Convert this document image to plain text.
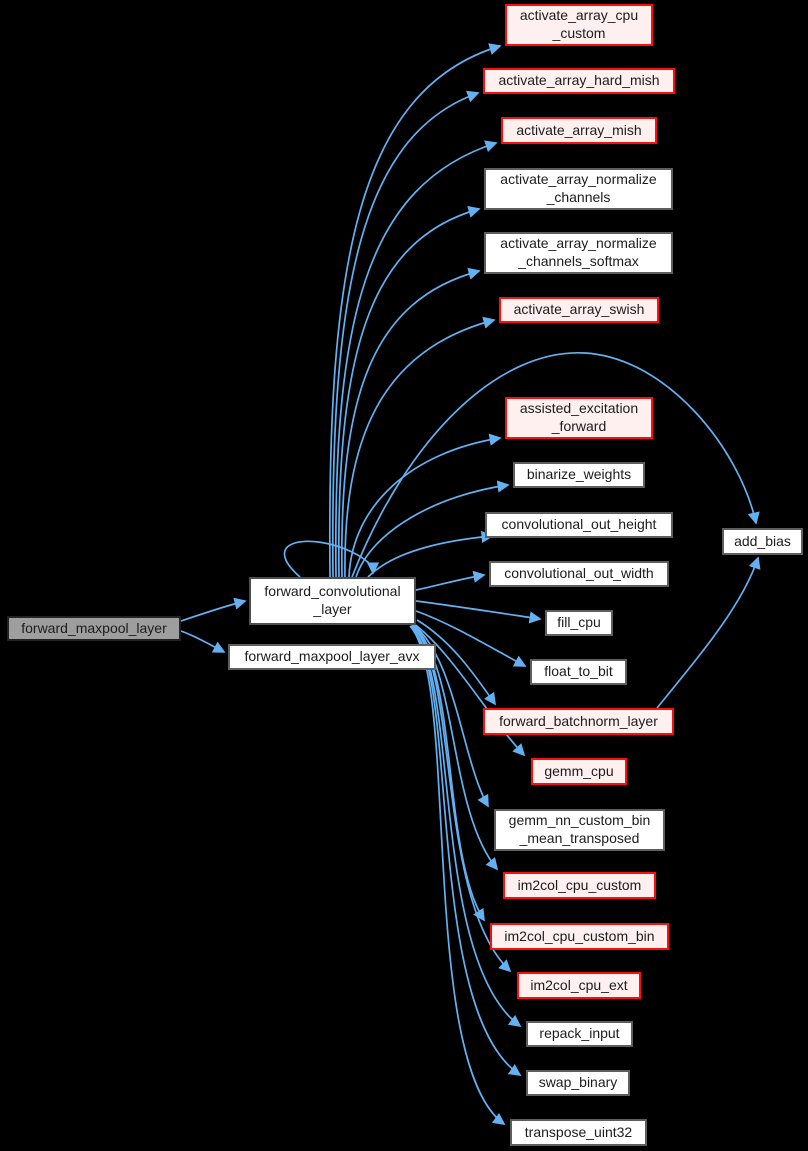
forward_maxpool_layer
forward_convolutional
_layer
forward_maxpool_layer_avx
activate_array_cpu
_custom
activate_array_hard_mish
activate_array_mish
activate_array_normalize
_channels
activate_array_normalize
_channels_softmax
activate_array_swish
assisted_excitation
_forward
binarize_weights
convolutional_out_height
convolutional_out_width
add_bias
fill_cpu
float_to_bit
forward_batchnorm_layer
gemm_cpu
gemm_nn_custom_bin
_mean_transposed
im2col_cpu_custom
im2col_cpu_custom_bin
im2col_cpu_ext
repack_input
swap_binary
transpose_uint32
